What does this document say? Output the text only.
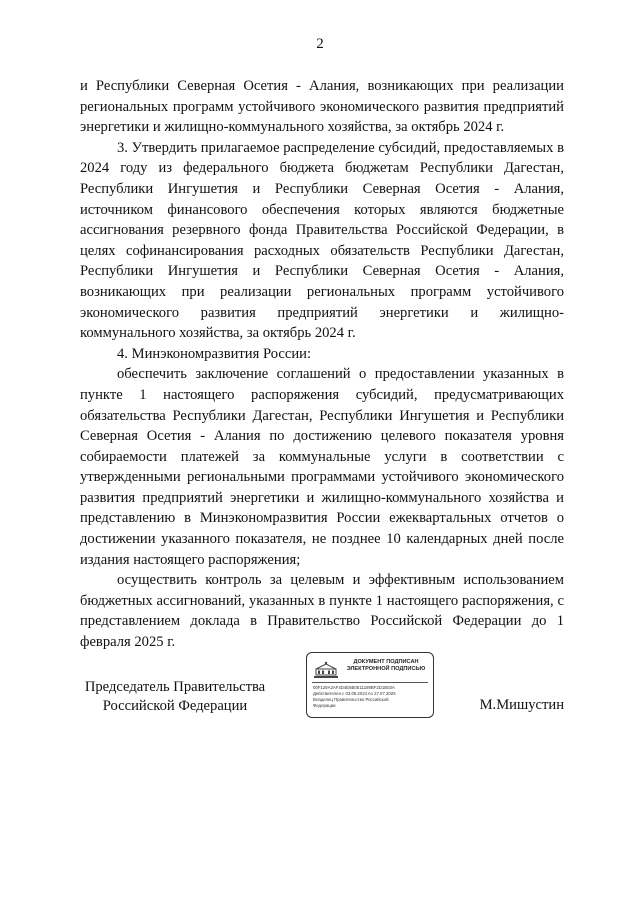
2

и Республики Северная Осетия - Алания, возникающих при реализации региональных программ устойчивого экономического развития предприятий энергетики и жилищно-коммунального хозяйства, за октябрь 2024 г.

3. Утвердить прилагаемое распределение субсидий, предоставляемых в 2024 году из федерального бюджета бюджетам Республики Дагестан, Республики Ингушетия и Республики Северная Осетия - Алания, источником финансового обеспечения которых являются бюджетные ассигнования резервного фонда Правительства Российской Федерации, в целях софинансирования расходных обязательств Республики Дагестан, Республики Ингушетия и Республики Северная Осетия - Алания, возникающих при реализации региональных программ устойчивого экономического развития предприятий энергетики и жилищно-коммунального хозяйства, за октябрь 2024 г.

4. Минэкономразвития России:

обеспечить заключение соглашений о предоставлении указанных в пункте 1 настоящего распоряжения субсидий, предусматривающих обязательства Республики Дагестан, Республики Ингушетия и Республики Северная Осетия - Алания по достижению целевого показателя уровня собираемости платежей за коммунальные услуги в соответствии с утвержденными региональными программами устойчивого экономического развития предприятий энергетики и жилищно-коммунального хозяйства и представлению в Минэкономразвития России ежеквартальных отчетов о достижении указанного показателя, не позднее 10 календарных дней после издания настоящего распоряжения;

осуществить контроль за целевым и эффективным использованием бюджетных ассигнований, указанных в пункте 1 настоящего распоряжения, с представлением доклада в Правительство Российской Федерации до 1 февраля 2025 г.

Председатель Правительства
Российской Федерации
ДОКУМЕНТ ПОДПИСАН
ЭЛЕКТРОННОЙ ПОДПИСЬЮ
00F129A2AF4D4E6B0E11189BF2D1B03A
Действителен с 03.05.2024 по 27.07.2025
Владелец Правительство Российской
Федерации	М.Мишустин
